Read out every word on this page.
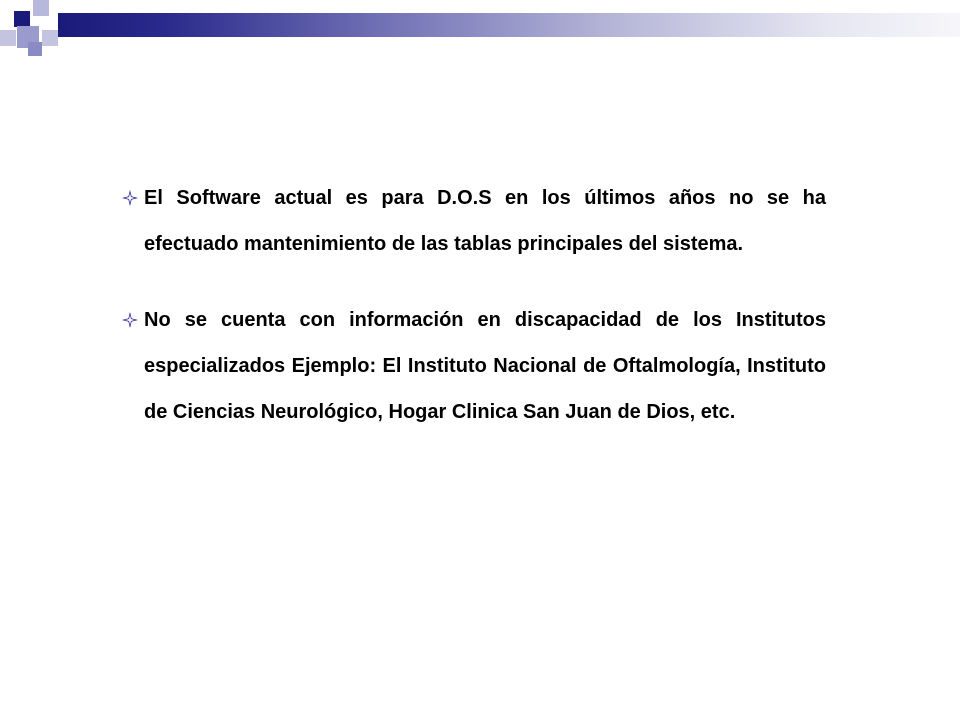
El Software actual es para D.O.S en los últimos años no se ha efectuado mantenimiento de las tablas principales del sistema.
No se cuenta con información en discapacidad de los Institutos especializados Ejemplo: El Instituto Nacional de Oftalmología, Instituto de Ciencias Neurológico, Hogar Clinica San Juan de Dios, etc.
